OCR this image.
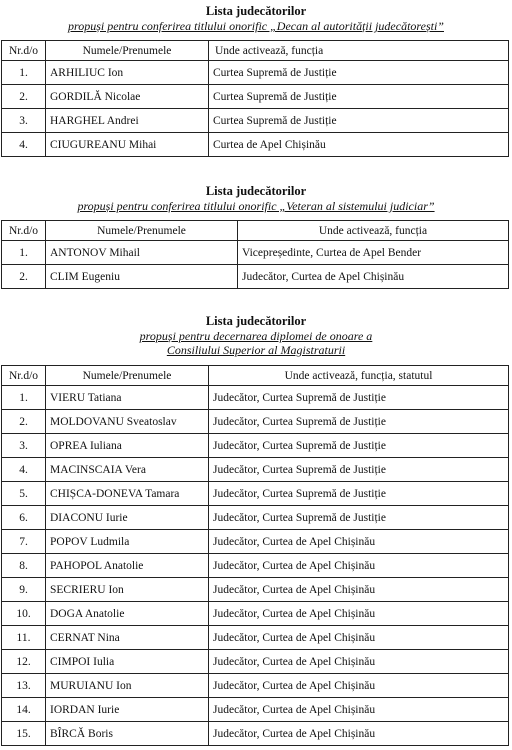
Lista judecătorilor

propuși pentru conferirea titlului onorific „Decan al autorității judecătorești”

Nr.d/o	Numele/Prenumele	Unde activează, funcția
1.	ARHILIUC Ion	Curtea Supremă de Justiție
2.	GORDILĂ Nicolae	Curtea Supremă de Justiție
3.	HARGHEL Andrei	Curtea Supremă de Justiție
4.	CIUGUREANU Mihai	Curtea de Apel Chișinău

Lista judecătorilor

propuși pentru conferirea titlului onorific „Veteran al sistemului judiciar”

Nr.d/o	Numele/Prenumele	Unde activează, funcția
1.	ANTONOV Mihail	Vicepreședinte, Curtea de Apel Bender
2.	CLIM Eugeniu	Judecător, Curtea de Apel Chișinău

Lista judecătorilor

propuși pentru decernarea diplomei de onoare a

Consiliului Superior al Magistraturii

Nr.d/o	Numele/Prenumele	Unde activează, funcția, statutul
1.	VIERU Tatiana	Judecător, Curtea Supremă de Justiție
2.	MOLDOVANU Sveatoslav	Judecător, Curtea Supremă de Justiție
3.	OPREA Iuliana	Judecător, Curtea Supremă de Justiție
4.	MACINSCAIA Vera	Judecător, Curtea Supremă de Justiție
5.	CHIȘCA-DONEVA Tamara	Judecător, Curtea Supremă de Justiție
6.	DIACONU Iurie	Judecător, Curtea Supremă de Justiție
7.	POPOV Ludmila	Judecător, Curtea de Apel Chișinău
8.	PAHOPOL Anatolie	Judecător, Curtea de Apel Chișinău
9.	SECRIERU Ion	Judecător, Curtea de Apel Chișinău
10.	DOGA Anatolie	Judecător, Curtea de Apel Chișinău
11.	CERNAT Nina	Judecător, Curtea de Apel Chișinău
12.	CIMPOI Iulia	Judecător, Curtea de Apel Chișinău
13.	MURUIANU Ion	Judecător, Curtea de Apel Chișinău
14.	IORDAN Iurie	Judecător, Curtea de Apel Chișinău
15.	BÎRCĂ Boris	Judecător, Curtea de Apel Chișinău
